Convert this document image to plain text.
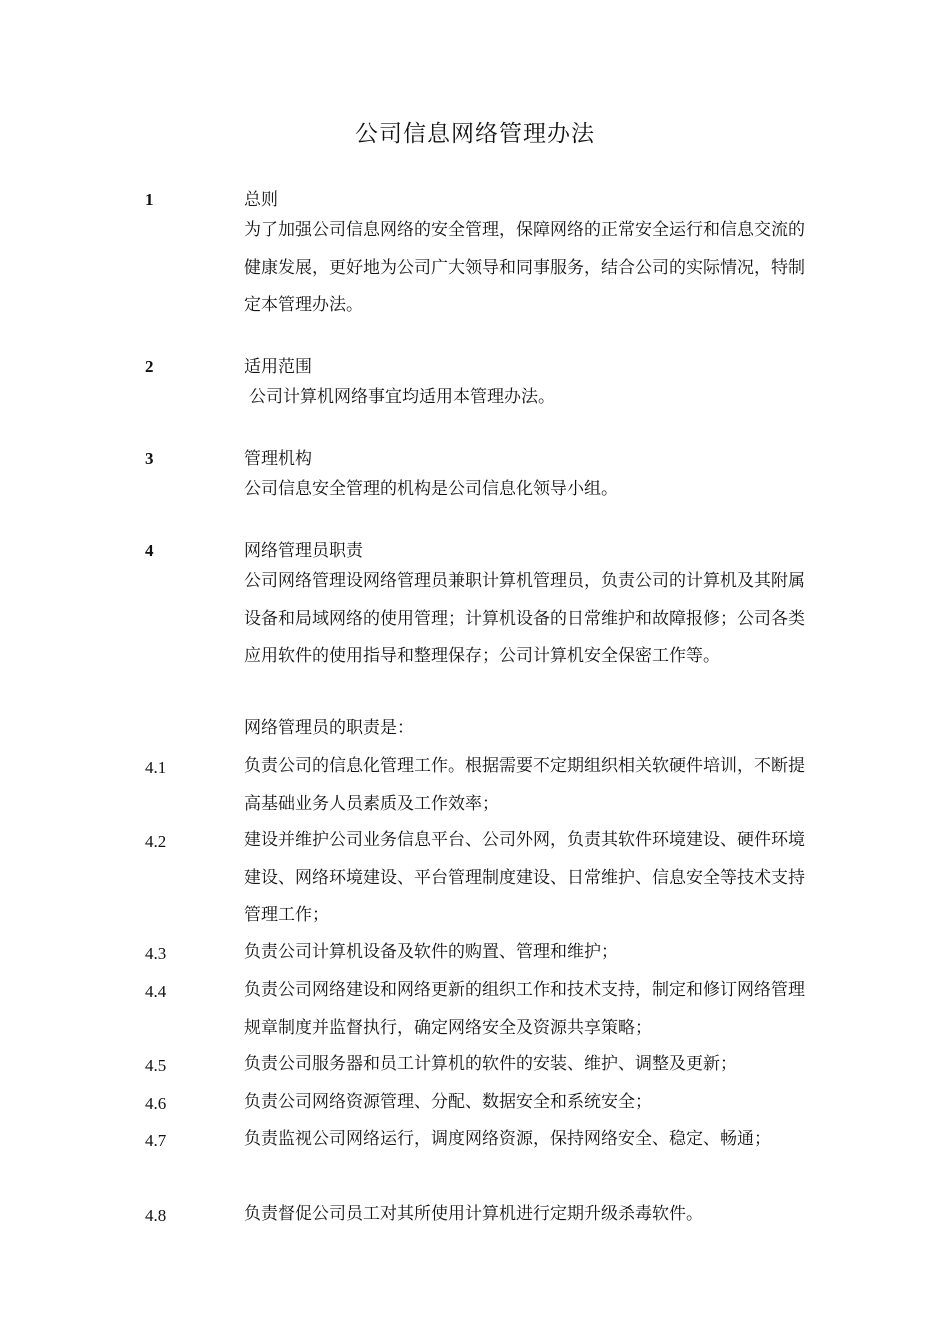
公司信息网络管理办法
1	总则

为了加强公司信息网络的安全管理，保障网络的正常安全运行和信息交流的健康发展，更好地为公司广大领导和同事服务，结合公司的实际情况，特制定本管理办法。

2	适用范围

公司计算机网络事宜均适用本管理办法。

3	管理机构

公司信息安全管理的机构是公司信息化领导小组。

4	网络管理员职责

公司网络管理设网络管理员兼职计算机管理员，负责公司的计算机及其附属设备和局域网络的使用管理；计算机设备的日常维护和故障报修；公司各类应用软件的使用指导和整理保存；公司计算机安全保密工作等。

网络管理员的职责是：

4.1	负责公司的信息化管理工作。根据需要不定期组织相关软硬件培训，不断提高基础业务人员素质及工作效率；

4.2	建设并维护公司业务信息平台、公司外网，负责其软件环境建设、硬件环境建设、网络环境建设、平台管理制度建设、日常维护、信息安全等技术支持管理工作；

4.3	负责公司计算机设备及软件的购置、管理和维护；

4.4	负责公司网络建设和网络更新的组织工作和技术支持，制定和修订网络管理规章制度并监督执行，确定网络安全及资源共享策略；

4.5	负责公司服务器和员工计算机的软件的安装、维护、调整及更新；

4.6	负责公司网络资源管理、分配、数据安全和系统安全；

4.7	负责监视公司网络运行，调度网络资源，保持网络安全、稳定、畅通；

4.8	负责督促公司员工对其所使用计算机进行定期升级杀毒软件。
